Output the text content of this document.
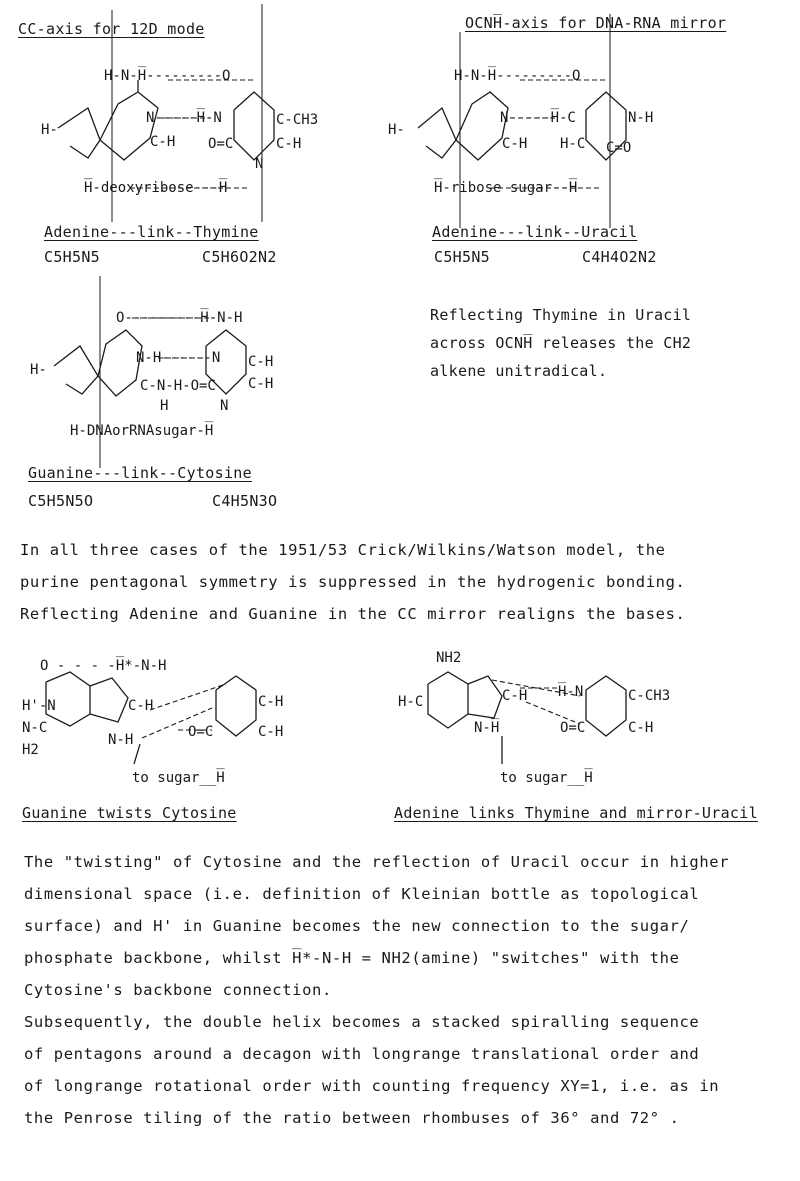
CC-axis for 12D mode	OCNH̅-axis for DNA-RNA mirror
H-N-H̅---------O
H-
N-----H̅-N
C-H O=C
C-CH3
C-H
N
H̅-deoxyribose---H̅
Adenine---link--Thymine
C5H5N5	C5H6O2N2
H-N-H̅---------O
H-
N-----H̅-C	N-H
C-H H-C C=O
H̅-ribose sugar--H̅
Adenine---link--Uracil
C5H5N5	C4H4O2N2
Reflecting Thymine in Uracil
across OCNH̅ releases the CH2
alkene unitradical.
O---------H̅-N-H
H-
N-H------N C-H
C-H
C-N-H-O=C
H	N
H-DNAorRNAsugar-H̅
Guanine---link--Cytosine
C5H5N5O	C4H5N3O
In all three cases of the 1951/53 Crick/Wilkins/Watson model, the
purine pentagonal symmetry is suppressed in the hydrogenic bonding.
Reflecting Adenine and Guanine in the CC mirror realigns the bases.
O - - - -H̅*-N-H
H'-N
N-C
H2
C-H
N-H	O=C
C-H
C-H
to sugar__H̅
Guanine twists Cytosine
NH2
H-C	C-H H̅-N	C-CH3
O=C	C-H
N-H̅
to sugar__H̅
Adenine links Thymine and mirror-Uracil
The "twisting" of Cytosine and the reflection of Uracil occur in higher
dimensional space (i.e. definition of Kleinian bottle as topological
surface) and H' in Guanine becomes the new connection to the sugar/
phosphate backbone, whilst H̅*-N-H = NH2(amine) "switches" with the
Cytosine's backbone connection.
Subsequently, the double helix becomes a stacked spiralling sequence
of pentagons around a decagon with longrange translational order and
of longrange rotational order with counting frequency XY=1, i.e. as in
the Penrose tiling of the ratio between rhombuses of 36° and 72° .
